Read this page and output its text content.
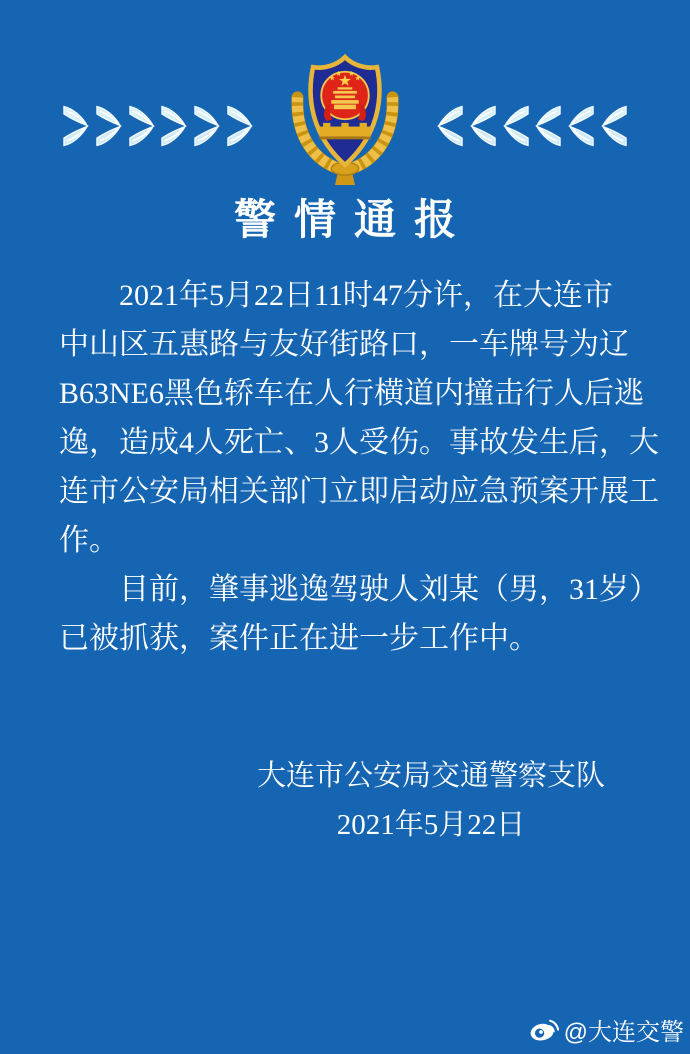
警情通报
2021年5月22日11时47分许，在大连市
中山区五惠路与友好街路口，一车牌号为辽
B63NE6黑色轿车在人行横道内撞击行人后逃
逸，造成4人死亡、3人受伤。事故发生后，大
连市公安局相关部门立即启动应急预案开展工
作。
目前，肇事逃逸驾驶人刘某（男，31岁）
已被抓获，案件正在进一步工作中。
大连市公安局交通警察支队
2021年5月22日
@大连交警
